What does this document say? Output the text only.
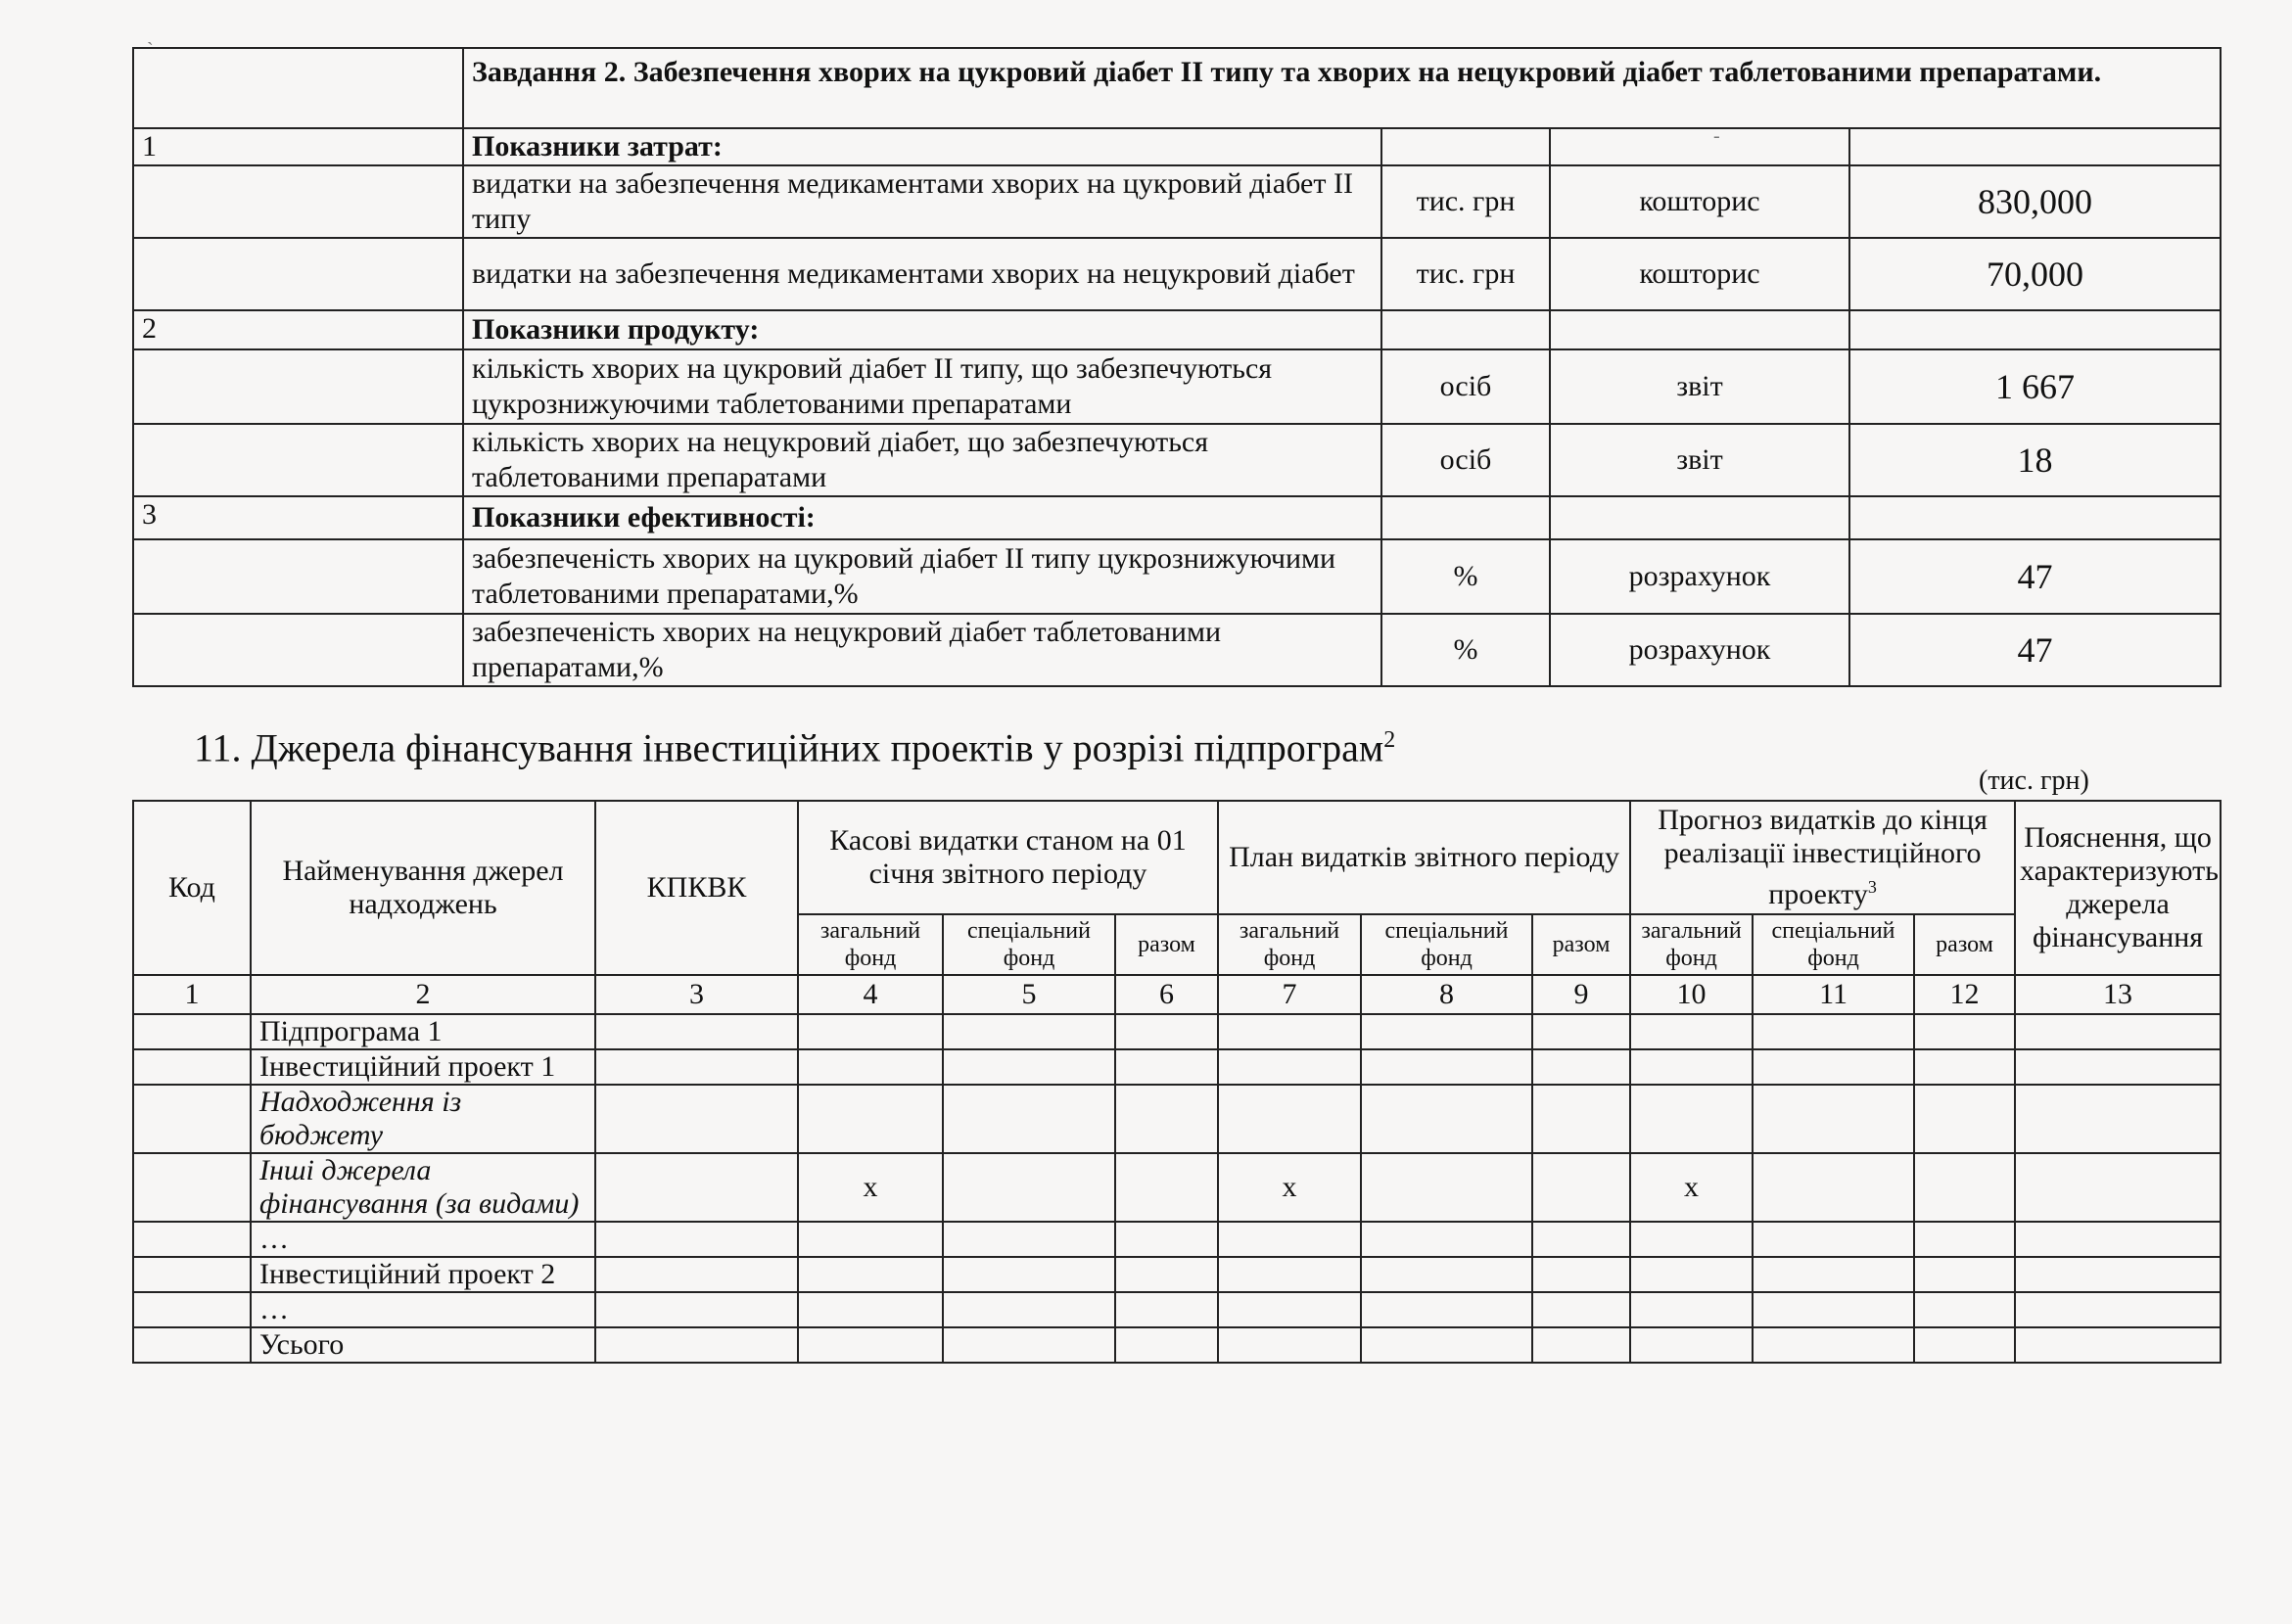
`
-
	Завдання 2. Забезпечення хворих на цукровий діабет ІІ типу та хворих на нецукровий діабет таблетованими препаратами.			
1	Показники затрат:			
	видатки на забезпечення медикаментами хворих на цукровий діабет ІІ типу	тис. грн	кошторис	830,000
	видатки на забезпечення медикаментами хворих на нецукровий діабет	тис. грн	кошторис	70,000
2	Показники продукту:			
	кількість хворих на цукровий діабет ІІ типу, що забезпечуються цукрознижуючими таблетованими препаратами	осіб	звіт	1 667
	кількість хворих на нецукровий діабет, що забезпечуються таблетованими препаратами	осіб	звіт	18
3	Показники ефективності:			
	забезпеченість хворих на цукровий діабет ІІ типу цукрознижуючими таблетованими препаратами,%	%	розрахунок	47
	забезпеченість хворих на нецукровий діабет таблетованими препаратами,%	%	розрахунок	47
11. Джерела фінансування інвестиційних проектів у розрізі підпрограм$^2$
(тис. грн)
Код	Найменування джерел надходжень	КПКВК	Касові видатки станом на 01 січня звітного періоду			План видатків звітного періоду			Прогноз видатків до кінця реалізації інвестиційного проекту$^3$			Пояснення, що характеризують джерела фінансування
			загальний фонд	спеціальний фонд	разом	загальний фонд	спеціальний фонд	разом	загальний фонд	спеціальний фонд	разом	
1	2	3	4	5	6	7	8	9	10	11	12	13
	Підпрограма 1											
	Інвестиційний проект 1											
	Надходження із бюджету											
	Інші джерела фінансування (за видами)		х			х			х			
	…											
	Інвестиційний проект 2											
	…											
	Усього											
